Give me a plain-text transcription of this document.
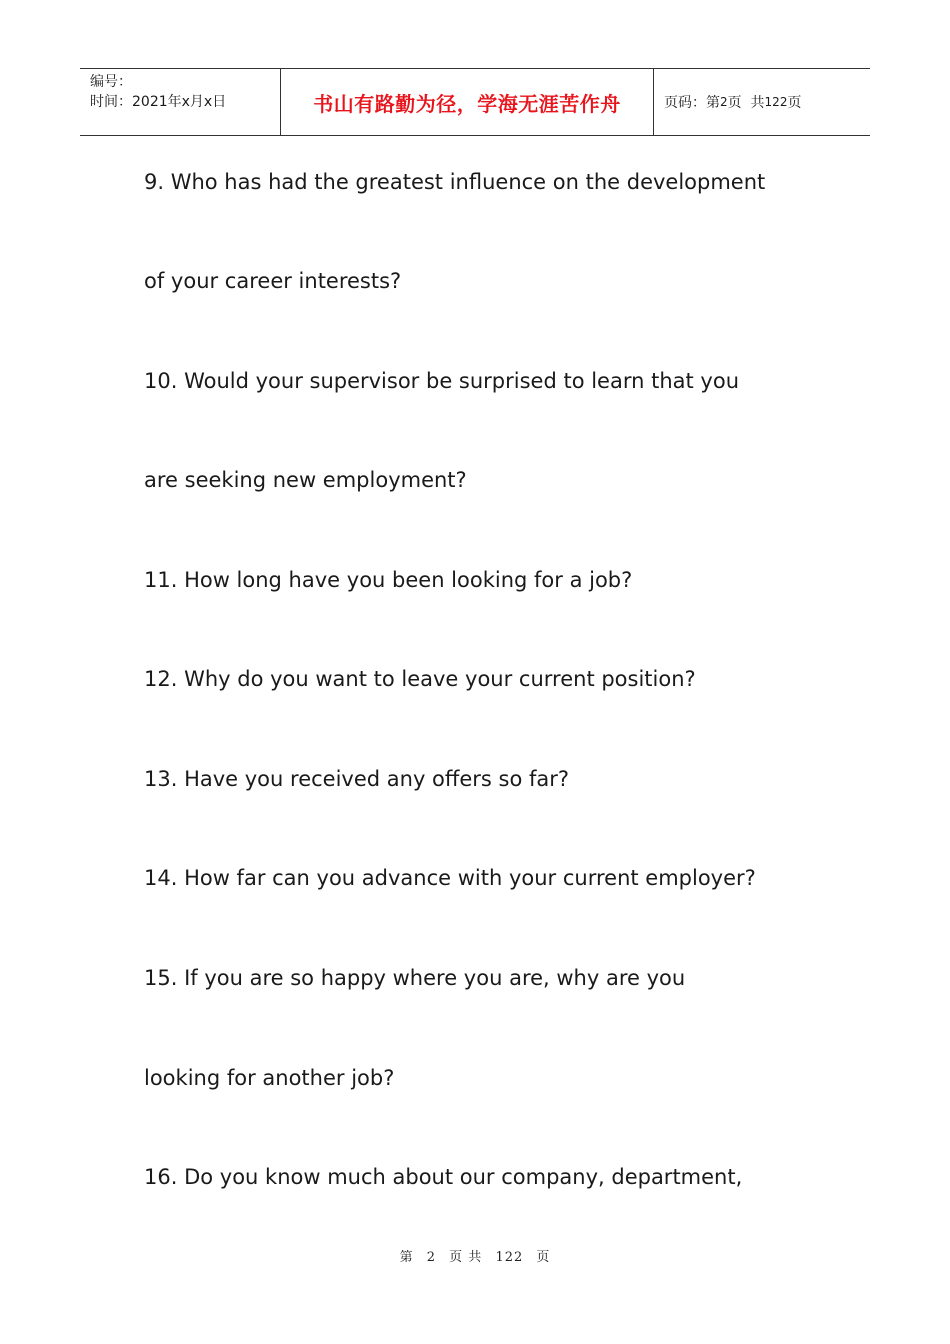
编号：
时间：2021年x月x日	书山有路勤为径，学海无涯苦作舟	页码：第 2 页  共 122 页
9. Who has had the greatest influence on the development
of your career interests?
10. Would your supervisor be surprised to learn that you
are seeking new employment?
11. How long have you been looking for a job?
12. Why do you want to leave your current position?
13. Have you received any offers so far?
14. How far can you advance with your current employer?
15. If you are so happy where you are, why are you
looking for another job?
16. Do you know much about our company, department,
第 2 页 共 122 页
